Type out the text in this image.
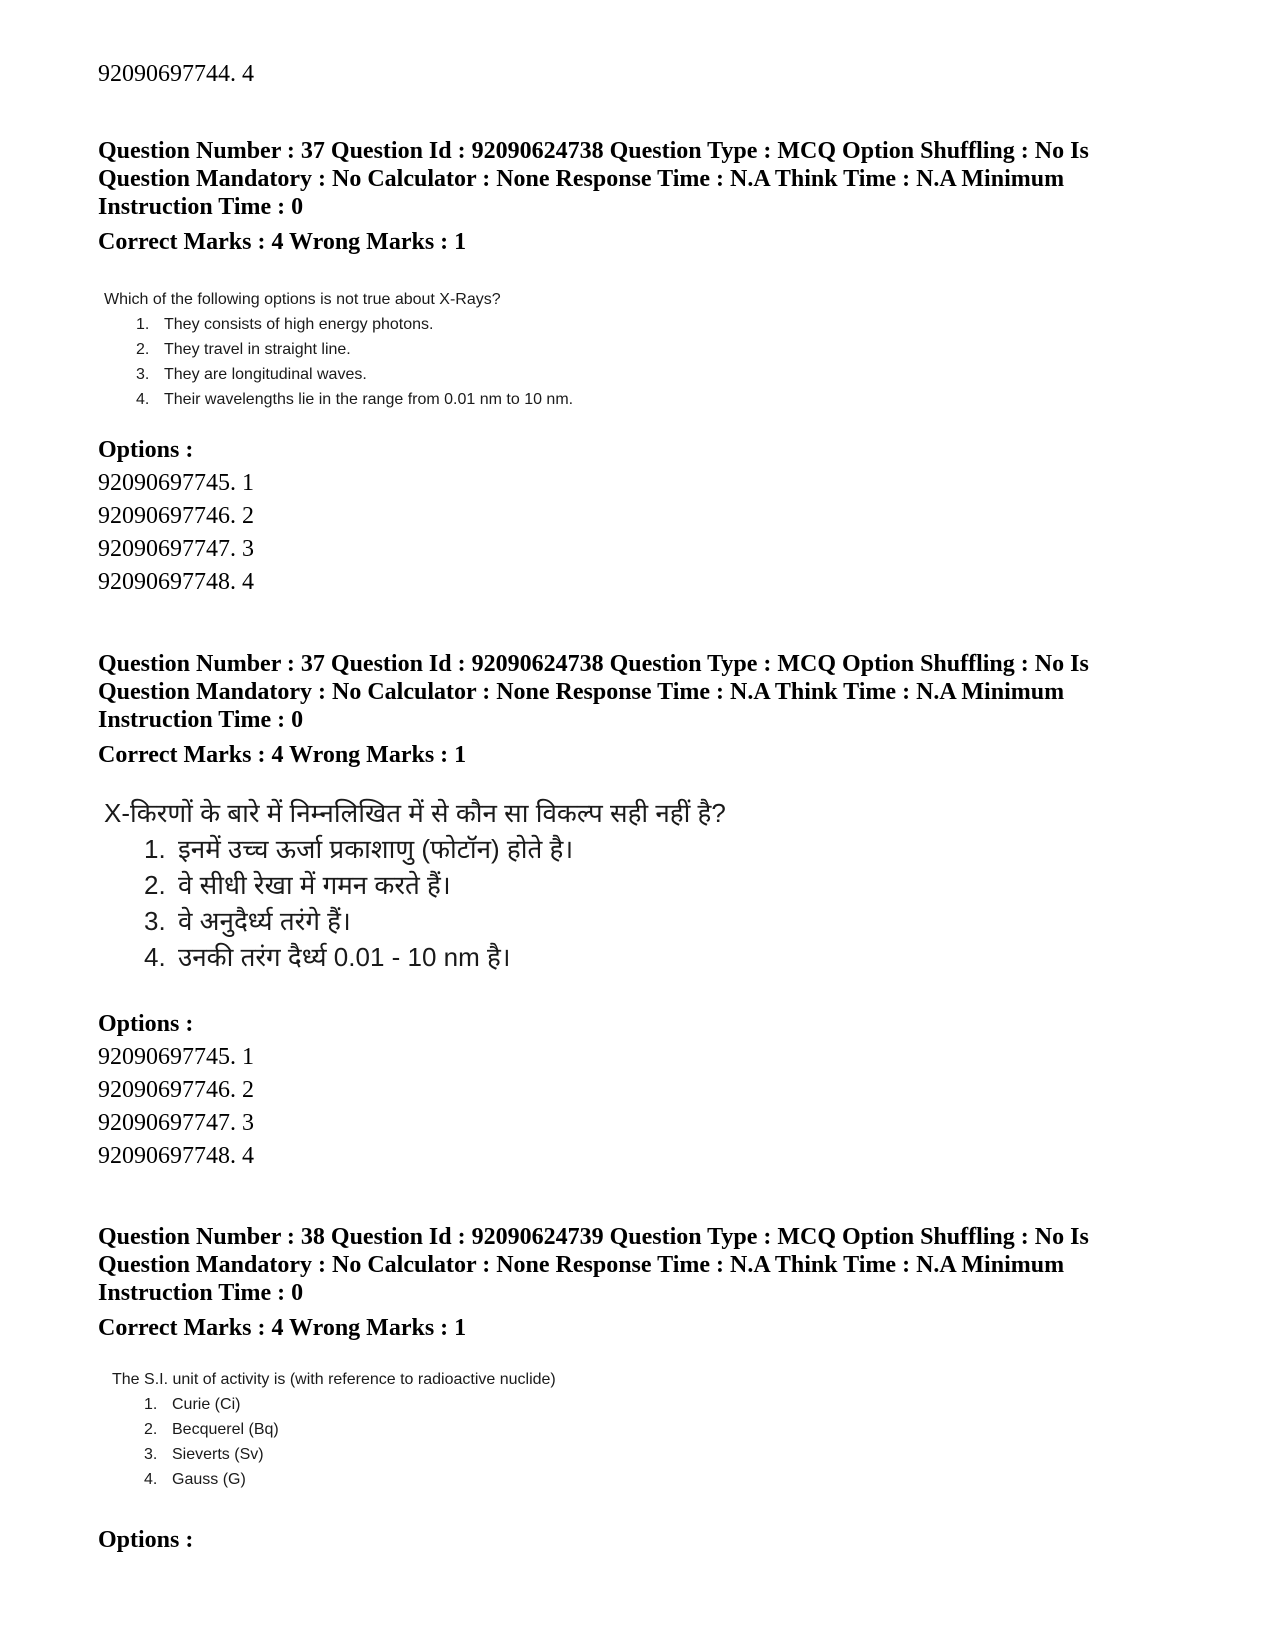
92090697744. 4
Question Number : 37 Question Id : 92090624738 Question Type : MCQ Option Shuffling : No Is Question Mandatory : No Calculator : None Response Time : N.A Think Time : N.A Minimum Instruction Time : 0
Correct Marks : 4 Wrong Marks : 1
Which of the following options is not true about X-Rays?
1. They consists of high energy photons.
2. They travel in straight line.
3. They are longitudinal waves.
4. Their wavelengths lie in the range from 0.01 nm to 10 nm.
Options :
92090697745. 1
92090697746. 2
92090697747. 3
92090697748. 4
Question Number : 37 Question Id : 92090624738 Question Type : MCQ Option Shuffling : No Is Question Mandatory : No Calculator : None Response Time : N.A Think Time : N.A Minimum Instruction Time : 0
Correct Marks : 4 Wrong Marks : 1
X-किरणों के बारे में निम्नलिखित में से कौन सा विकल्प सही नहीं है?
1. इनमें उच्च ऊर्जा प्रकाशाणु (फोटॉन) होते है।
2. वे सीधी रेखा में गमन करते हैं।
3. वे अनुदैर्ध्य तरंगे हैं।
4. उनकी तरंग दैर्ध्य 0.01 - 10 nm है।
Options :
92090697745. 1
92090697746. 2
92090697747. 3
92090697748. 4
Question Number : 38 Question Id : 92090624739 Question Type : MCQ Option Shuffling : No Is Question Mandatory : No Calculator : None Response Time : N.A Think Time : N.A Minimum Instruction Time : 0
Correct Marks : 4 Wrong Marks : 1
The S.I. unit of activity is (with reference to radioactive nuclide)
1. Curie (Ci)
2. Becquerel (Bq)
3. Sieverts (Sv)
4. Gauss (G)
Options :
